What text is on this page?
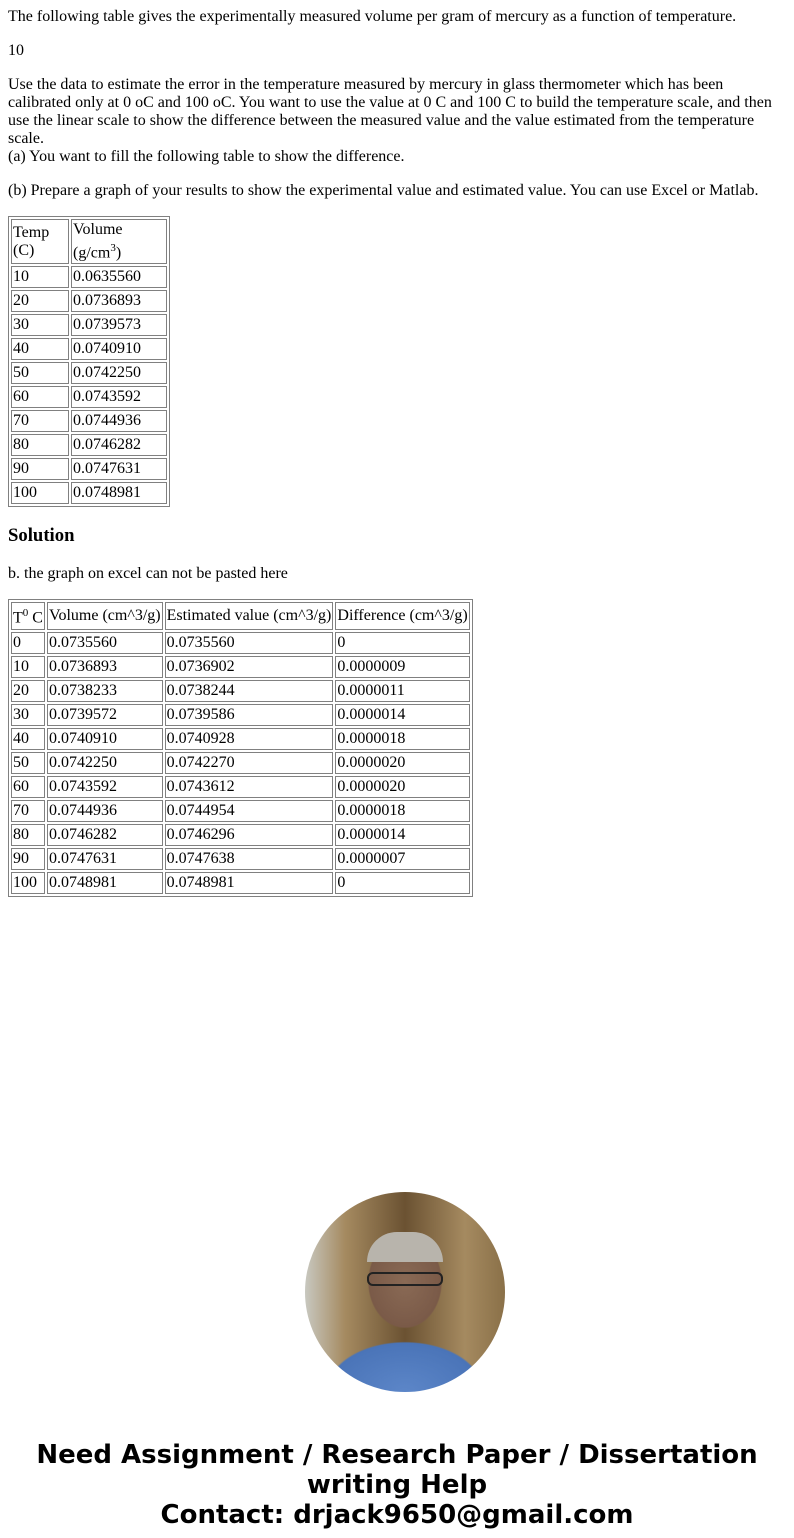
The following table gives the experimentally measured volume per gram of mercury as a function of temperature.

10

Use the data to estimate the error in the temperature measured by mercury in glass thermometer which has been calibrated only at 0 oC and 100 oC. You want to use the value at 0 C and 100 C to build the temperature scale, and then use the linear scale to show the difference between the measured value and the value estimated from the temperature scale.
(a) You want to fill the following table to show the difference.

(b) Prepare a graph of your results to show the experimental value and estimated value. You can use Excel or Matlab.

Temp (C)	Volume $(g/cm^3)$
10	0.0635560
20	0.0736893
30	0.0739573
40	0.0740910
50	0.0742250
60	0.0743592
70	0.0744936
80	0.0746282
90	0.0747631
100	0.0748981
Solution

b. the graph on excel can not be pasted here

$T^0$ C	Volume (cm^3/g)	Estimated value (cm^3/g)	Difference (cm^3/g)
0	0.0735560	0.0735560	0
10	0.0736893	0.0736902	0.0000009
20	0.0738233	0.0738244	0.0000011
30	0.0739572	0.0739586	0.0000014
40	0.0740910	0.0740928	0.0000018
50	0.0742250	0.0742270	0.0000020
60	0.0743592	0.0743612	0.0000020
70	0.0744936	0.0744954	0.0000018
80	0.0746282	0.0746296	0.0000014
90	0.0747631	0.0747638	0.0000007
100	0.0748981	0.0748981	0
Need Assignment / Research Paper / Dissertation writing Help
Contact: drjack9650@gmail.com
